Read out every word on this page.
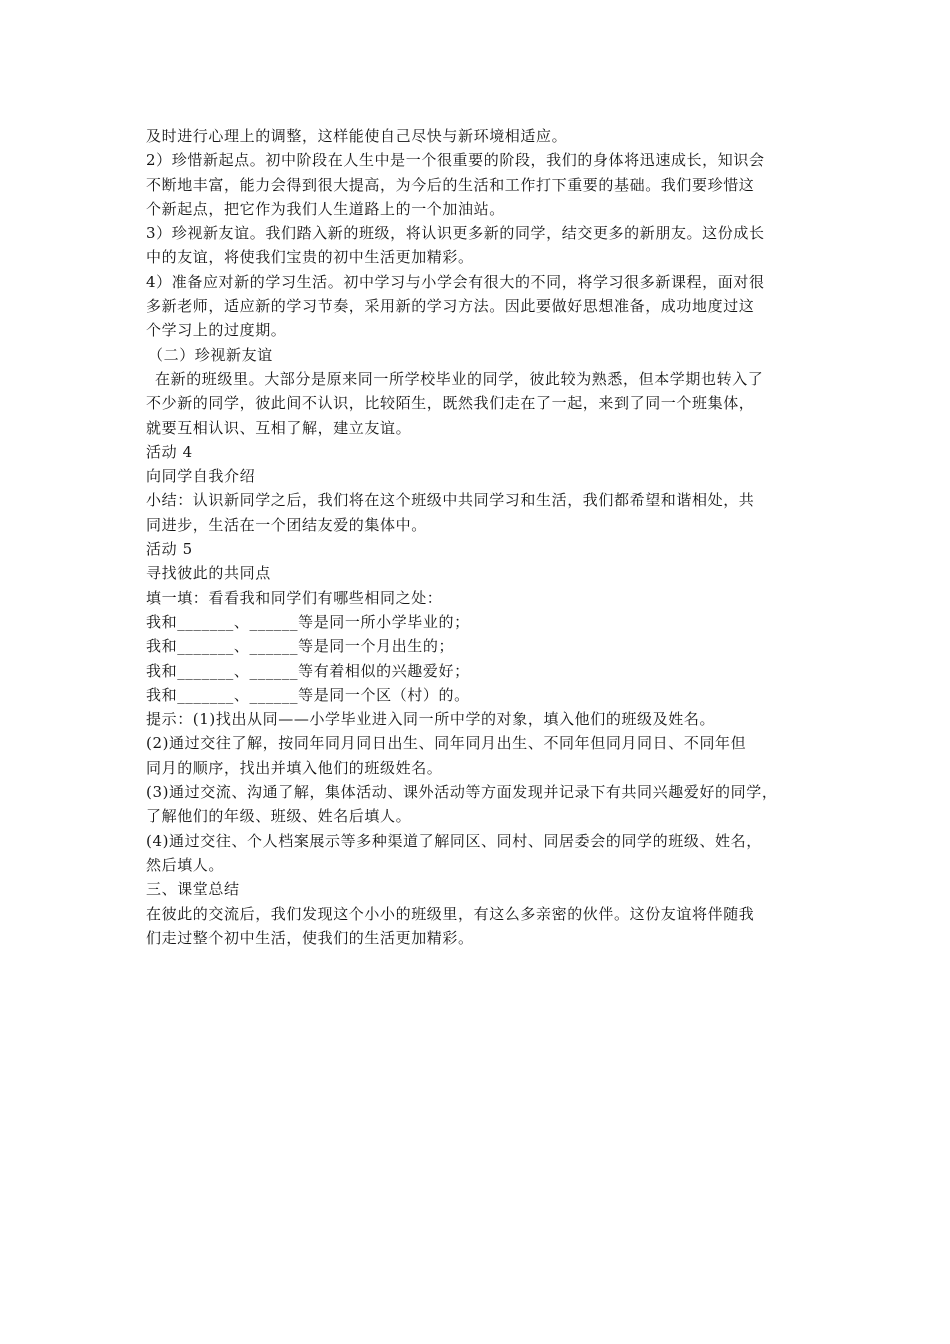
及时进行心理上的调整，这样能使自己尽快与新环境相适应。

2）珍惜新起点。初中阶段在人生中是一个很重要的阶段，我们的身体将迅速成长，知识会

不断地丰富，能力会得到很大提高，为今后的生活和工作打下重要的基础。我们要珍惜这

个新起点，把它作为我们人生道路上的一个加油站。

3）珍视新友谊。我们踏入新的班级，将认识更多新的同学，结交更多的新朋友。这份成长

中的友谊，将使我们宝贵的初中生活更加精彩。

4）准备应对新的学习生活。初中学习与小学会有很大的不同，将学习很多新课程，面对很

多新老师，适应新的学习节奏，采用新的学习方法。因此要做好思想准备，成功地度过这

个学习上的过度期。

（二）珍视新友谊

在新的班级里。大部分是原来同一所学校毕业的同学，彼此较为熟悉，但本学期也转入了

不少新的同学，彼此间不认识，比较陌生，既然我们走在了一起，来到了同一个班集体，

就要互相认识、互相了解，建立友谊。

活动 4

向同学自我介绍

小结：认识新同学之后，我们将在这个班级中共同学习和生活，我们都希望和谐相处，共

同进步，生活在一个团结友爱的集体中。

活动 5

寻找彼此的共同点

填一填：看看我和同学们有哪些相同之处：

我和_______、______等是同一所小学毕业的；

我和_______、______等是同一个月出生的；

我和_______、______等有着相似的兴趣爱好；

我和_______、______等是同一个区（村）的。

提示：(1)找出从同——小学毕业进入同一所中学的对象，填入他们的班级及姓名。

(2)通过交往了解，按同年同月同日出生、同年同月出生、不同年但同月同日、不同年但

同月的顺序，找出并填入他们的班级姓名。

(3)通过交流、沟通了解，集体活动、课外活动等方面发现并记录下有共同兴趣爱好的同学，

了解他们的年级、班级、姓名后填人。

(4)通过交往、个人档案展示等多种渠道了解同区、同村、同居委会的同学的班级、姓名，

然后填人。

三、课堂总结

在彼此的交流后，我们发现这个小小的班级里，有这么多亲密的伙伴。这份友谊将伴随我

们走过整个初中生活，使我们的生活更加精彩。
